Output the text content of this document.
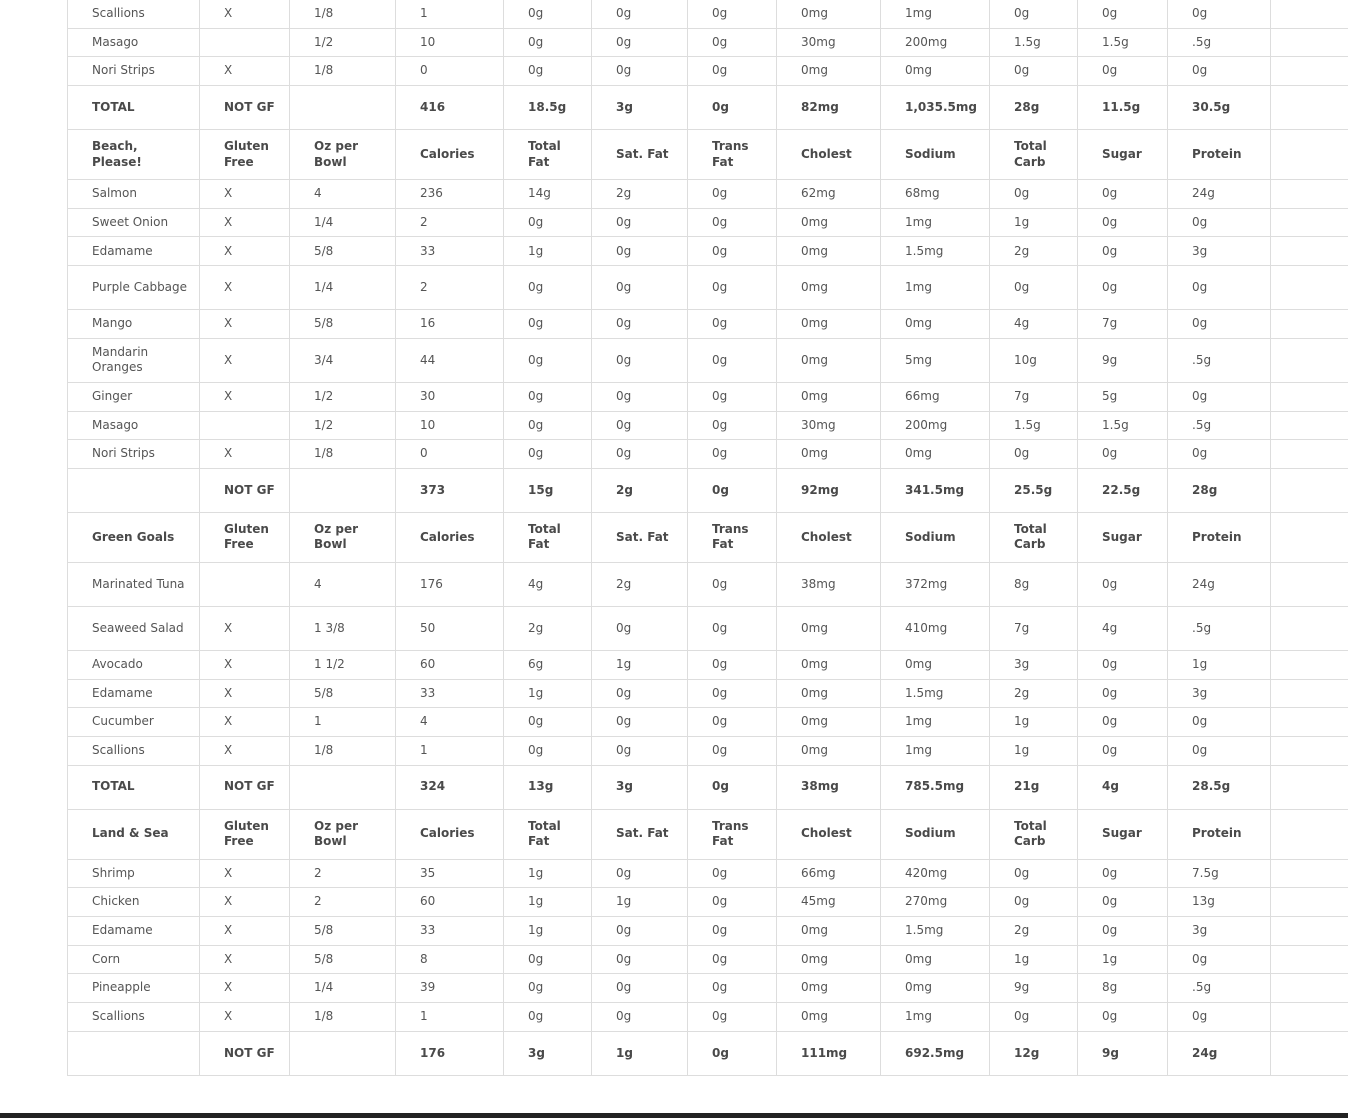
Scallions	X	1/8	1	0g	0g	0g	0mg	1mg	0g	0g	0g	
Masago		1/2	10	0g	0g	0g	30mg	200mg	1.5g	1.5g	.5g	
Nori Strips	X	1/8	0	0g	0g	0g	0mg	0mg	0g	0g	0g	
TOTAL	NOT GF		416	18.5g	3g	0g	82mg	1,035.5mg	28g	11.5g	30.5g	
Beach, Please!	Gluten Free	Oz per Bowl	Calories	Total Fat	Sat. Fat	Trans Fat	Cholest	Sodium	Total Carb	Sugar	Protein	
Salmon	X	4	236	14g	2g	0g	62mg	68mg	0g	0g	24g	
Sweet Onion	X	1/4	2	0g	0g	0g	0mg	1mg	1g	0g	0g	
Edamame	X	5/8	33	1g	0g	0g	0mg	1.5mg	2g	0g	3g	
Purple Cabbage	X	1/4	2	0g	0g	0g	0mg	1mg	0g	0g	0g	
Mango	X	5/8	16	0g	0g	0g	0mg	0mg	4g	7g	0g	
Mandarin Oranges	X	3/4	44	0g	0g	0g	0mg	5mg	10g	9g	.5g	
Ginger	X	1/2	30	0g	0g	0g	0mg	66mg	7g	5g	0g	
Masago		1/2	10	0g	0g	0g	30mg	200mg	1.5g	1.5g	.5g	
Nori Strips	X	1/8	0	0g	0g	0g	0mg	0mg	0g	0g	0g	
	NOT GF		373	15g	2g	0g	92mg	341.5mg	25.5g	22.5g	28g	
Green Goals	Gluten Free	Oz per Bowl	Calories	Total Fat	Sat. Fat	Trans Fat	Cholest	Sodium	Total Carb	Sugar	Protein	
Marinated Tuna		4	176	4g	2g	0g	38mg	372mg	8g	0g	24g	
Seaweed Salad	X	1 3/8	50	2g	0g	0g	0mg	410mg	7g	4g	.5g	
Avocado	X	1 1/2	60	6g	1g	0g	0mg	0mg	3g	0g	1g	
Edamame	X	5/8	33	1g	0g	0g	0mg	1.5mg	2g	0g	3g	
Cucumber	X	1	4	0g	0g	0g	0mg	1mg	1g	0g	0g	
Scallions	X	1/8	1	0g	0g	0g	0mg	1mg	1g	0g	0g	
TOTAL	NOT GF		324	13g	3g	0g	38mg	785.5mg	21g	4g	28.5g	
Land & Sea	Gluten Free	Oz per Bowl	Calories	Total Fat	Sat. Fat	Trans Fat	Cholest	Sodium	Total Carb	Sugar	Protein	
Shrimp	X	2	35	1g	0g	0g	66mg	420mg	0g	0g	7.5g	
Chicken	X	2	60	1g	1g	0g	45mg	270mg	0g	0g	13g	
Edamame	X	5/8	33	1g	0g	0g	0mg	1.5mg	2g	0g	3g	
Corn	X	5/8	8	0g	0g	0g	0mg	0mg	1g	1g	0g	
Pineapple	X	1/4	39	0g	0g	0g	0mg	0mg	9g	8g	.5g	
Scallions	X	1/8	1	0g	0g	0g	0mg	1mg	0g	0g	0g	
	NOT GF		176	3g	1g	0g	111mg	692.5mg	12g	9g	24g	
